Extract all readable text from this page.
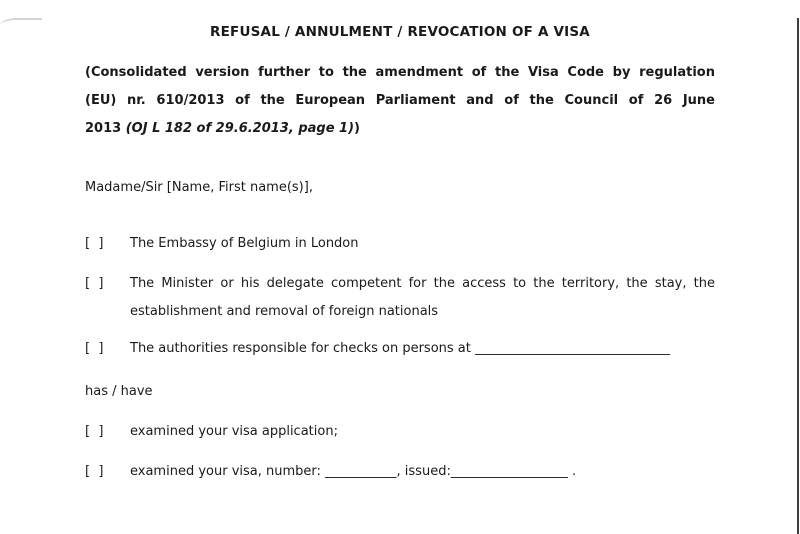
REFUSAL / ANNULMENT / REVOCATION OF A VISA
(Consolidated version further to the amendment of the Visa Code by regulation
(EU) nr. 610/2013 of the European Parliament and of the Council of 26 June
2013 (OJ L 182 of 29.6.2013, page 1))
Madame/Sir [Name, First name(s)],
[  ]	The Embassy of Belgium in London
[  ]	The Minister or his delegate competent for the access to the territory, the stay, the
establishment and removal of foreign nationals
[  ]	The authorities responsible for checks on persons at ______________________________
has / have
[  ]	examined your visa application;
[  ]	examined your visa, number: ___________, issued:__________________ .
